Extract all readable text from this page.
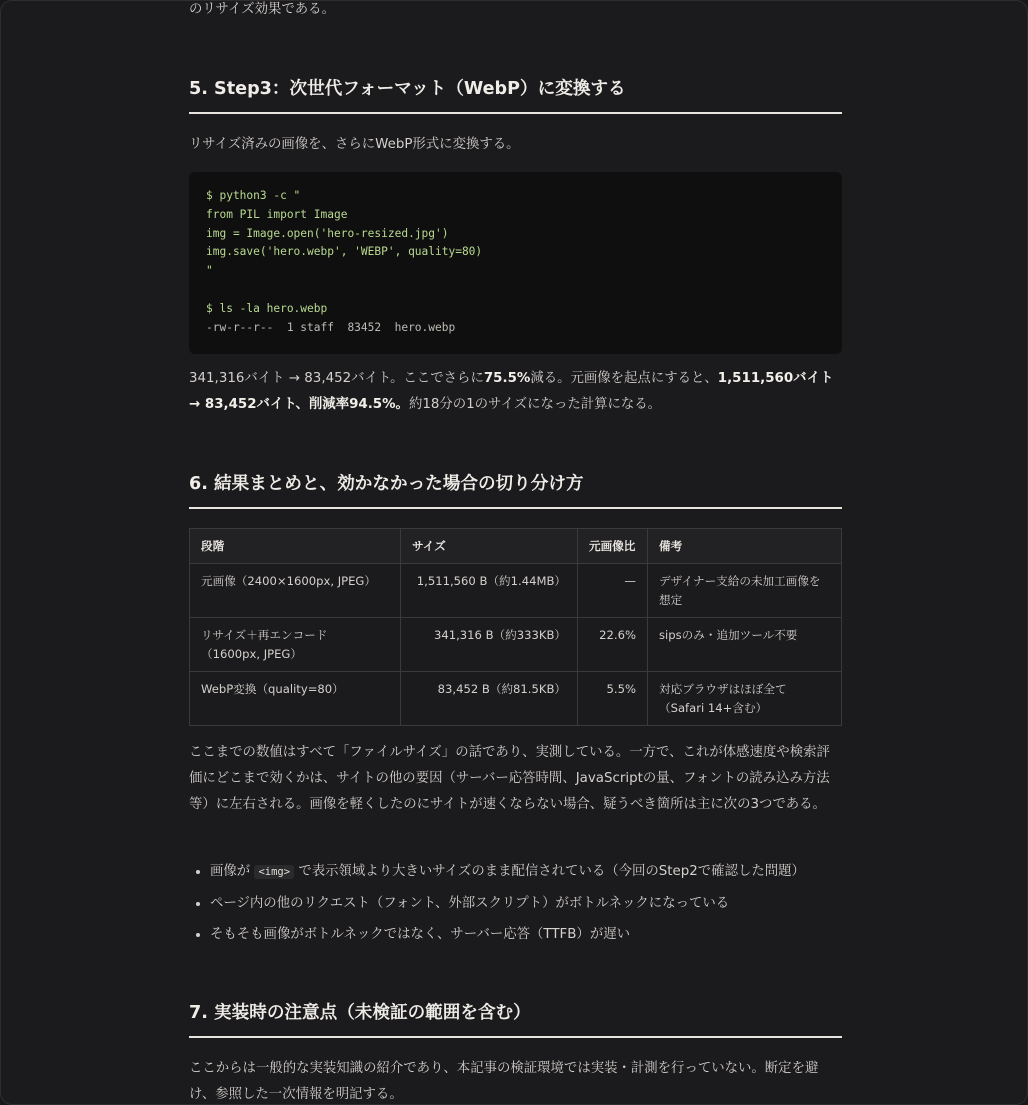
のリサイズ効果である。

5. Step3：次世代フォーマット（WebP）に変換する

リサイズ済みの画像を、さらにWebP形式に変換する。

$ python3 -c "
from PIL import Image
img = Image.open('hero-resized.jpg')
img.save('hero.webp', 'WEBP', quality=80)
"
$ ls -la hero.webp
-rw-r--r--  1 staff  83452  hero.webp

341,316バイト → 83,452バイト。ここでさらに75.5%減る。元画像を起点にすると、1,511,560バイト → 83,452バイト、削減率94.5%。約18分の1のサイズになった計算になる。

6. 結果まとめと、効かなかった場合の切り分け方
段階	サイズ	元画像比	備考

元画像（2400×1600px, JPEG）	1,511,560 B（約1.44MB）	—	デザイナー支給の未加工画像を
想定

リサイズ＋再エンコード
（1600px, JPEG）	341,316 B（約333KB）	22.6%	sipsのみ・追加ツール不要

WebP変換（quality=80）	83,452 B（約81.5KB）	5.5%	対応ブラウザはほぼ全て
（Safari 14+含む）

ここまでの数値はすべて「ファイルサイズ」の話であり、実測している。一方で、これが体感速度や検索評価にどこまで効くかは、サイトの他の要因（サーバー応答時間、JavaScriptの量、フォントの読み込み方法等）に左右される。画像を軽くしたのにサイトが速くならない場合、疑うべき箇所は主に次の3つである。

• 画像が <img> で表示領域より大きいサイズのまま配信されている（今回のStep2で確認した問題）
• ページ内の他のリクエスト（フォント、外部スクリプト）がボトルネックになっている
• そもそも画像がボトルネックではなく、サーバー応答（TTFB）が遅い
7. 実装時の注意点（未検証の範囲を含む）

ここからは一般的な実装知識の紹介であり、本記事の検証環境では実装・計測を行っていない。断定を避け、参照した一次情報を明記する。
